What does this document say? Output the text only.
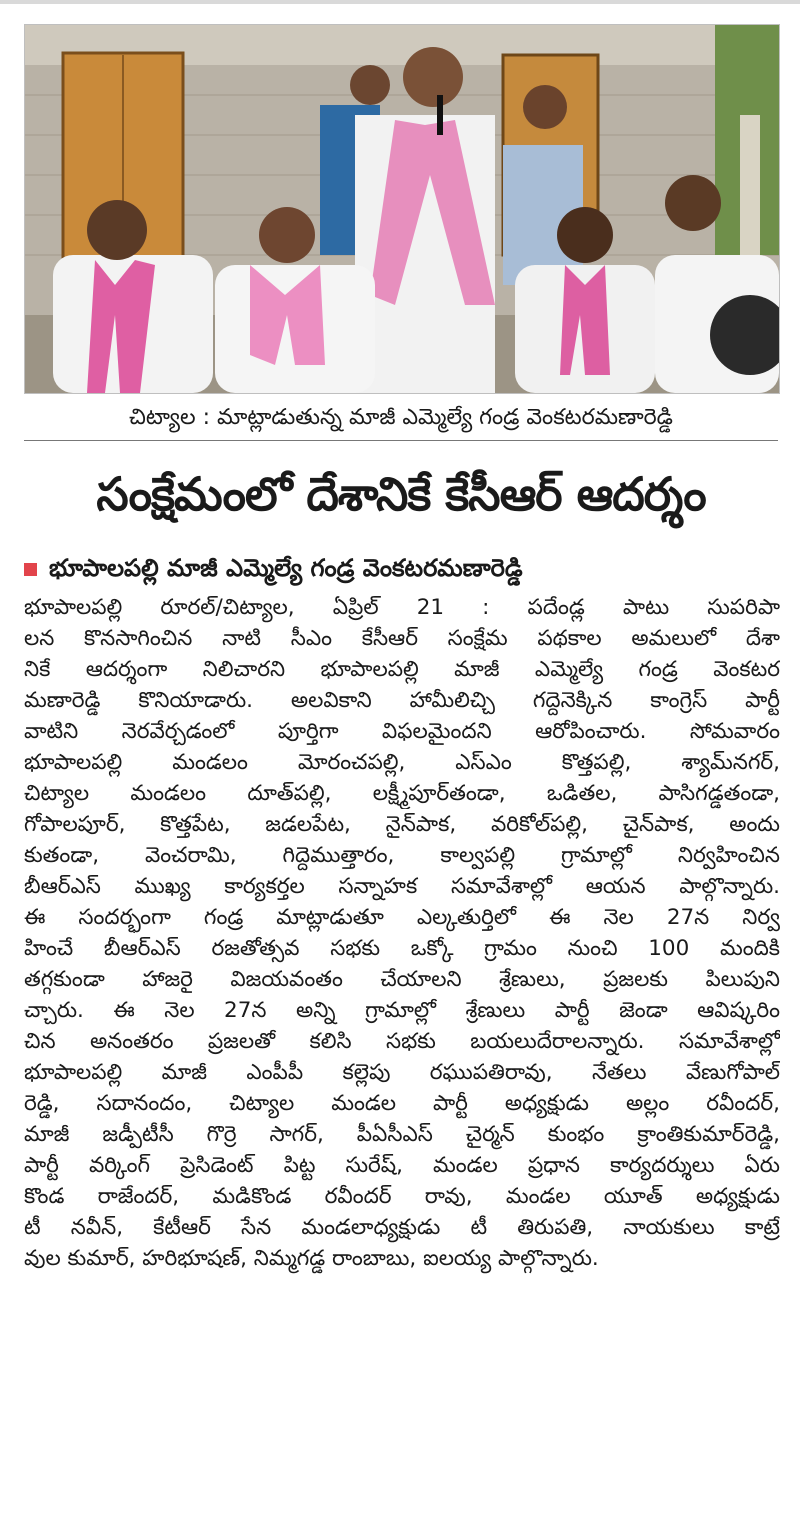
చిట్యాల : మాట్లాడుతున్న మాజీ ఎమ్మెల్యే గండ్ర వెంకటరమణారెడ్డి
సంక్షేమంలో దేశానికే కేసీఆర్ ఆదర్శం
భూపాలపల్లి మాజీ ఎమ్మెల్యే గండ్ర వెంకటరమణారెడ్డి
భూపాలపల్లి రూరల్/చిట్యాల, ఏప్రిల్ 21 : పదేండ్ల పాటు సుపరిపా
లన కొనసాగించిన నాటి సీఎం కేసీఆర్ సంక్షేమ పథకాల అమలులో దేశా
నికే ఆదర్శంగా నిలిచారని భూపాలపల్లి మాజీ ఎమ్మెల్యే గండ్ర వెంకటర
మణారెడ్డి కొనియాడారు. అలవికాని హామీలిచ్చి గద్దెనెక్కిన కాంగ్రెస్ పార్టీ
వాటిని నెరవేర్చడంలో పూర్తిగా విఫలమైందని ఆరోపించారు. సోమవారం
భూపాలపల్లి మండలం మోరంచపల్లి, ఎస్ఎం కొత్తపల్లి, శ్యామ్‌నగర్,
చిట్యాల మండలం దూత్‌పల్లి, లక్ష్మీపూర్‌తండా, ఒడితల, పాసిగడ్డతండా,
గోపాలపూర్, కొత్తపేట, జడలపేట, నైన్‌పాక, వరికోల్‌పల్లి, చైన్‌పాక, అందు
కుతండా, వెంచరామి, గిద్దెముత్తారం, కాల్వపల్లి గ్రామాల్లో నిర్వహించిన
బీఆర్ఎస్ ముఖ్య కార్యకర్తల సన్నాహక సమావేశాల్లో ఆయన పాల్గొన్నారు.
ఈ సందర్భంగా గండ్ర మాట్లాడుతూ ఎల్కతుర్తిలో ఈ నెల 27న నిర్వ
హించే బీఆర్ఎస్ రజతోత్సవ సభకు ఒక్కో గ్రామం నుంచి 100 మందికి
తగ్గకుండా హాజరై విజయవంతం చేయాలని శ్రేణులు, ప్రజలకు పిలుపుని
చ్చారు. ఈ నెల 27న అన్ని గ్రామాల్లో శ్రేణులు పార్టీ జెండా ఆవిష్కరిం
చిన అనంతరం ప్రజలతో కలిసి సభకు బయలుదేరాలన్నారు. సమావేశాల్లో
భూపాలపల్లి మాజీ ఎంపీపీ కల్లెపు రఘుపతిరావు, నేతలు వేణుగోపాల్
రెడ్డి, సదానందం, చిట్యాల మండల పార్టీ అధ్యక్షుడు అల్లం రవీందర్,
మాజీ జడ్పీటీసీ గొర్రె సాగర్, పీఏసీఎస్ చైర్మన్ కుంభం క్రాంతికుమార్‌రెడ్డి,
పార్టీ వర్కింగ్ ప్రెసిడెంట్ పిట్ట సురేష్, మండల ప్రధాన కార్యదర్శులు ఏరు
కొండ రాజేందర్, మడికొండ రవీందర్ రావు, మండల యూత్ అధ్యక్షుడు
టీ నవీన్, కేటీఆర్ సేన మండలాధ్యక్షుడు టీ తిరుపతి, నాయకులు కాట్రే
వుల కుమార్, హరిభూషణ్, నిమ్మగడ్డ రాంబాబు, ఐలయ్య పాల్గొన్నారు.
